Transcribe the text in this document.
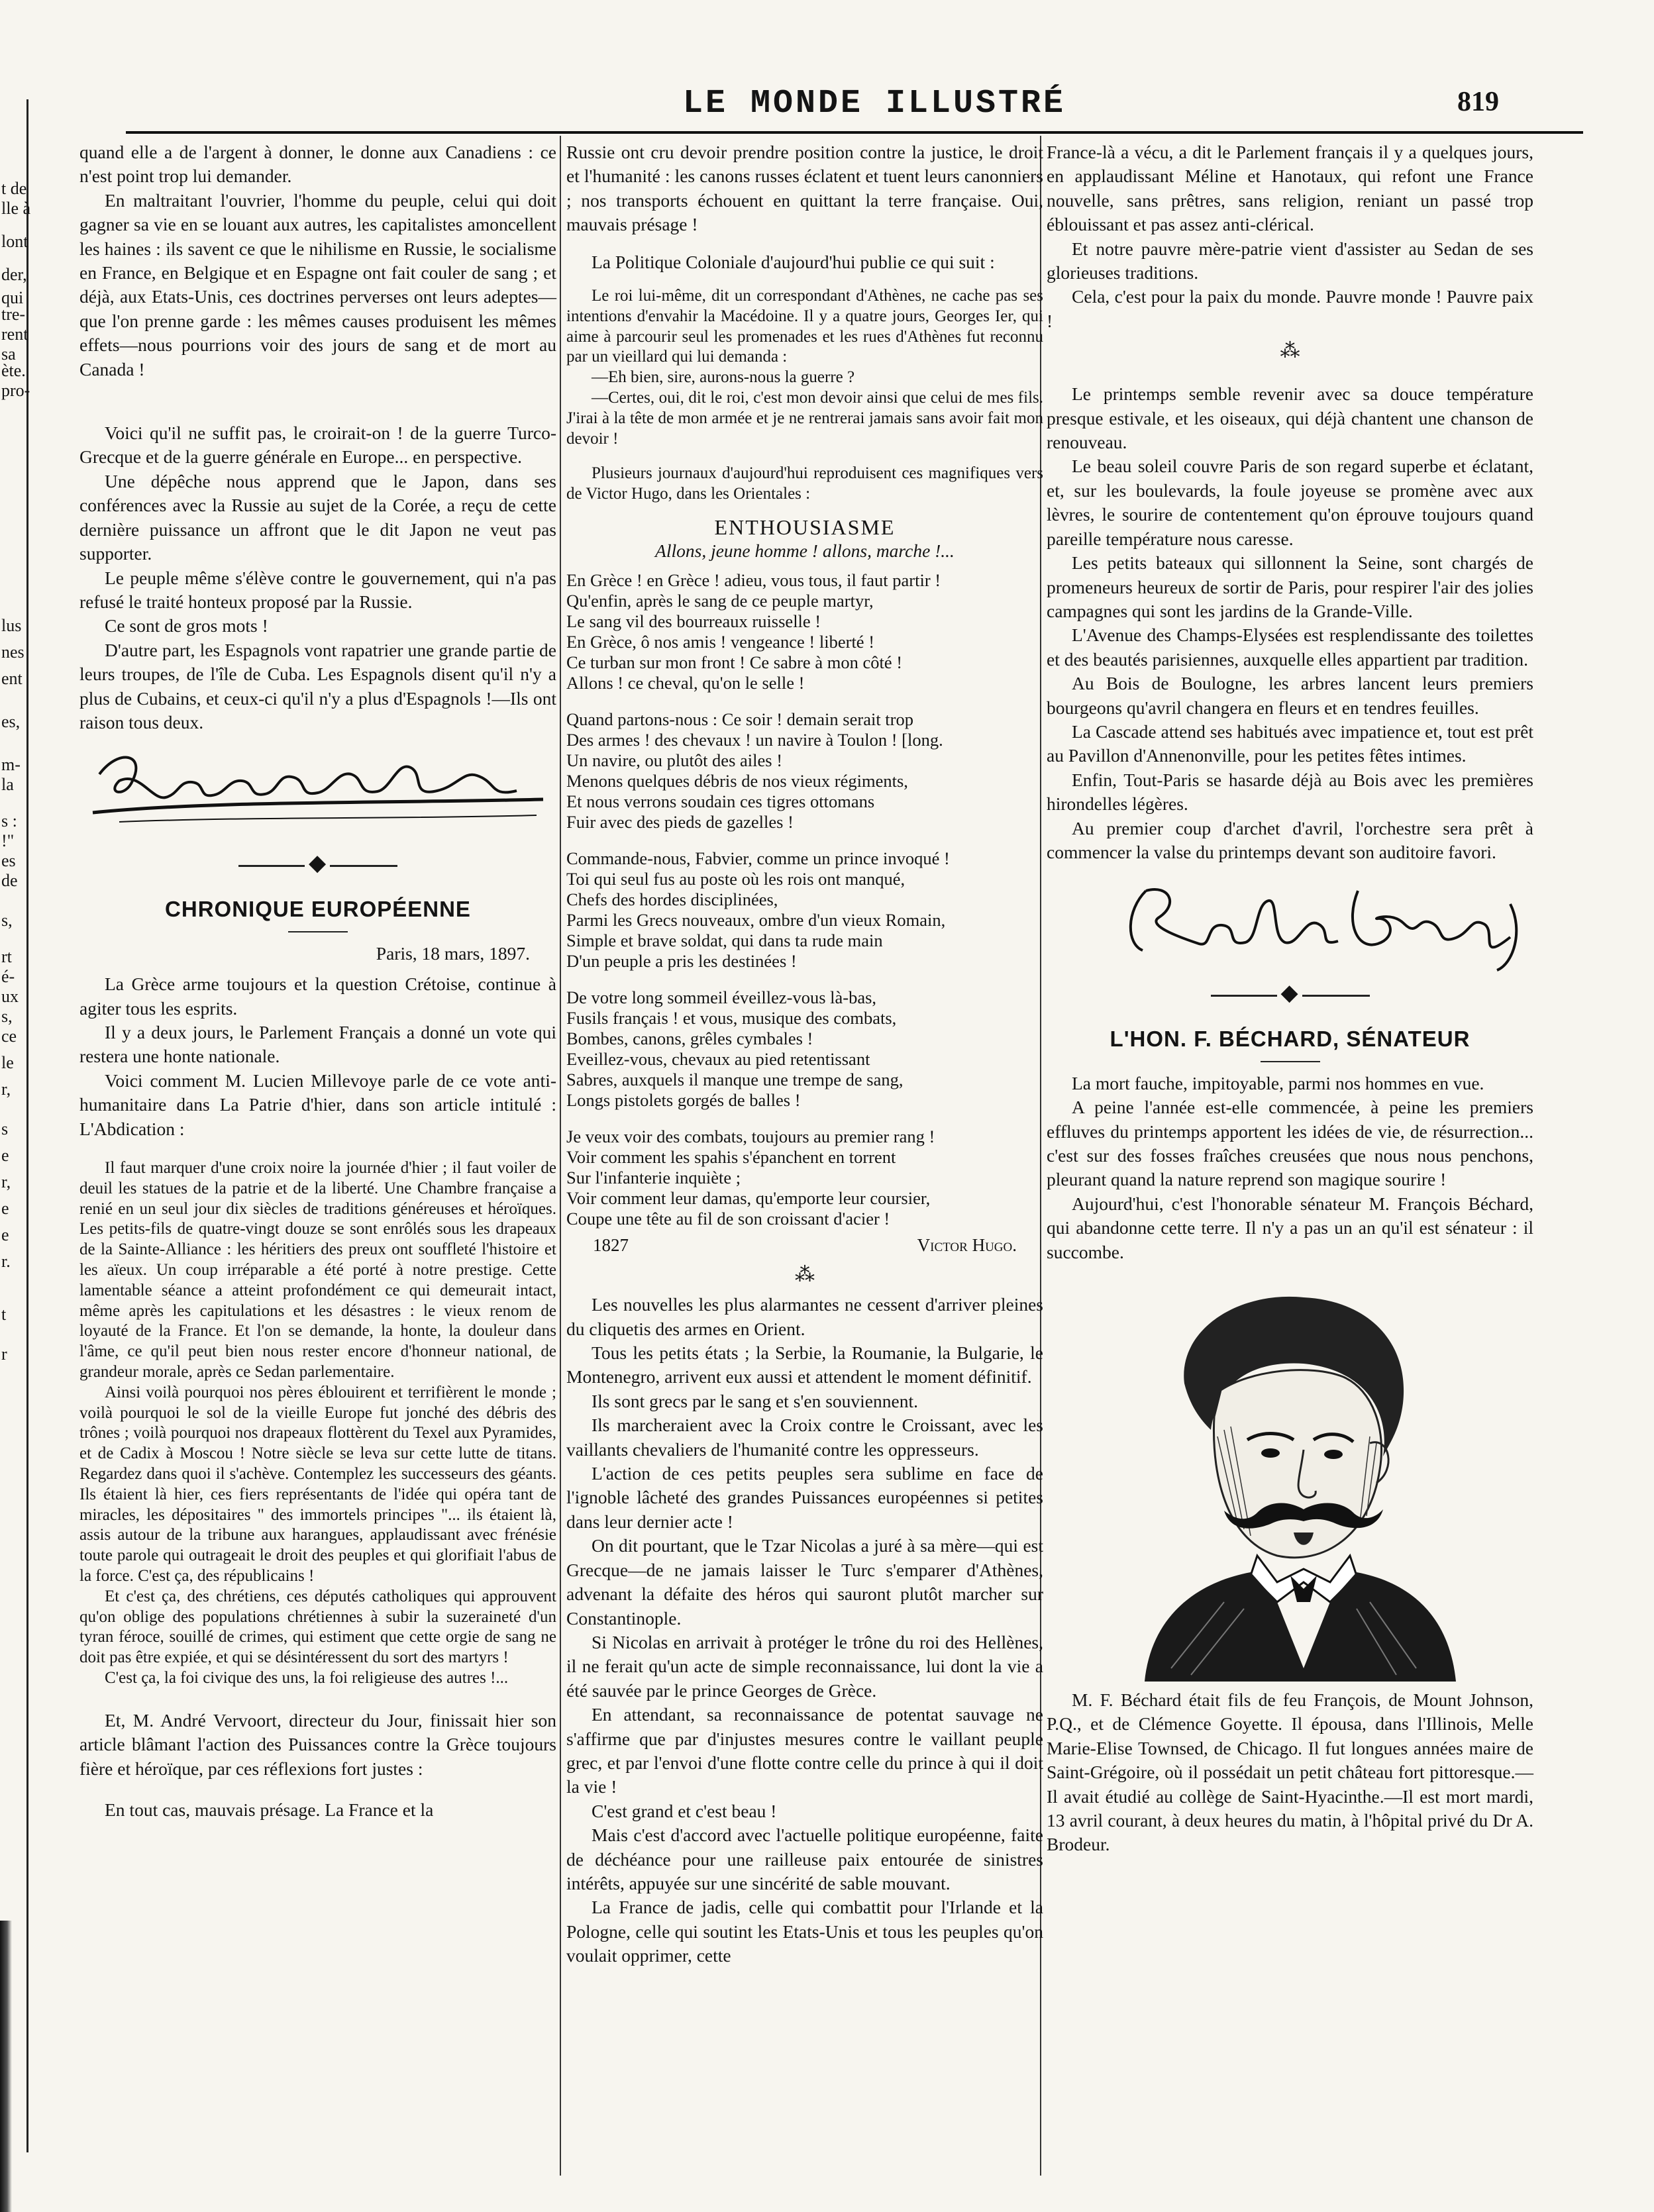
t de
lle à
lont
der,
qui
tre-
rent
sa
ète.
pro-
lus
nes
ent
es,
m-
la
s :
!"
es
de
s,
rt
é-
ux
s,
ce
le
r,
s
e
r,
e
e
r.
t
r
LE MONDE ILLUSTRÉ	819

quand elle a de l'argent à donner, le donne aux Canadiens : ce n'est point trop lui demander.

En maltraitant l'ouvrier, l'homme du peuple, celui qui doit gagner sa vie en se louant aux autres, les capitalistes amoncellent les haines : ils savent ce que le nihilisme en Russie, le socialisme en France, en Belgique et en Espagne ont fait couler de sang ; et déjà, aux Etats-Unis, ces doctrines perverses ont leurs adeptes—que l'on prenne garde : les mêmes causes produisent les mêmes effets—nous pourrions voir des jours de sang et de mort au Canada !

Voici qu'il ne suffit pas, le croirait-on ! de la guerre Turco-Grecque et de la guerre générale en Europe... en perspective.

Une dépêche nous apprend que le Japon, dans ses conférences avec la Russie au sujet de la Corée, a reçu de cette dernière puissance un affront que le dit Japon ne veut pas supporter.

Le peuple même s'élève contre le gouvernement, qui n'a pas refusé le traité honteux proposé par la Russie.

Ce sont de gros mots !

D'autre part, les Espagnols vont rapatrier une grande partie de leurs troupes, de l'île de Cuba. Les Espagnols disent qu'il n'y a plus de Cubains, et ceux-ci qu'il n'y a plus d'Espagnols !—Ils ont raison tous deux.

◆
CHRONIQUE EUROPÉENNE

Paris, 18 mars, 1897.

La Grèce arme toujours et la question Crétoise, continue à agiter tous les esprits.

Il y a deux jours, le Parlement Français a donné un vote qui restera une honte nationale.

Voici comment M. Lucien Millevoye parle de ce vote anti-humanitaire dans La Patrie d'hier, dans son article intitulé : L'Abdication :

Il faut marquer d'une croix noire la journée d'hier ; il faut voiler de deuil les statues de la patrie et de la liberté. Une Chambre française a renié en un seul jour dix siècles de traditions généreuses et héroïques. Les petits-fils de quatre-vingt douze se sont enrôlés sous les drapeaux de la Sainte-Alliance : les héritiers des preux ont souffleté l'histoire et les aïeux. Un coup irréparable a été porté à notre prestige. Cette lamentable séance a atteint profondément ce qui demeurait intact, même après les capitulations et les désastres : le vieux renom de loyauté de la France. Et l'on se demande, la honte, la douleur dans l'âme, ce qu'il peut bien nous rester encore d'honneur national, de grandeur morale, après ce Sedan parlementaire.

Ainsi voilà pourquoi nos pères éblouirent et terrifièrent le monde ; voilà pourquoi le sol de la vieille Europe fut jonché des débris des trônes ; voilà pourquoi nos drapeaux flottèrent du Texel aux Pyramides, et de Cadix à Moscou ! Notre siècle se leva sur cette lutte de titans. Regardez dans quoi il s'achève. Contemplez les successeurs des géants. Ils étaient là hier, ces fiers représentants de l'idée qui opéra tant de miracles, les dépositaires " des immortels principes "... ils étaient là, assis autour de la tribune aux harangues, applaudissant avec frénésie toute parole qui outrageait le droit des peuples et qui glorifiait l'abus de la force. C'est ça, des républicains !

Et c'est ça, des chrétiens, ces députés catholiques qui approuvent qu'on oblige des populations chrétiennes à subir la suzeraineté d'un tyran féroce, souillé de crimes, qui estiment que cette orgie de sang ne doit pas être expiée, et qui se désintéressent du sort des martyrs !

C'est ça, la foi civique des uns, la foi religieuse des autres !...

Et, M. André Vervoort, directeur du Jour, finissait hier son article blâmant l'action des Puissances contre la Grèce toujours fière et héroïque, par ces réflexions fort justes :

En tout cas, mauvais présage. La France et la

Russie ont cru devoir prendre position contre la justice, le droit et l'humanité : les canons russes éclatent et tuent leurs canonniers ; nos transports échouent en quittant la terre française. Oui, mauvais présage !

La Politique Coloniale d'aujourd'hui publie ce qui suit :

Le roi lui-même, dit un correspondant d'Athènes, ne cache pas ses intentions d'envahir la Macédoine. Il y a quatre jours, Georges Ier, qui aime à parcourir seul les promenades et les rues d'Athènes fut reconnu par un vieillard qui lui demanda :

—Eh bien, sire, aurons-nous la guerre ?

—Certes, oui, dit le roi, c'est mon devoir ainsi que celui de mes fils. J'irai à la tête de mon armée et je ne rentrerai jamais sans avoir fait mon devoir !

Plusieurs journaux d'aujourd'hui reproduisent ces magnifiques vers de Victor Hugo, dans les Orientales :

ENTHOUSIASME

Allons, jeune homme ! allons, marche !...

En Grèce ! en Grèce ! adieu, vous tous, il faut partir !
Qu'enfin, après le sang de ce peuple martyr,
Le sang vil des bourreaux ruisselle !
En Grèce, ô nos amis ! vengeance ! liberté !
Ce turban sur mon front ! Ce sabre à mon côté !
Allons ! ce cheval, qu'on le selle !
Quand partons-nous : Ce soir ! demain serait trop
Des armes ! des chevaux ! un navire à Toulon ! [long.
Un navire, ou plutôt des ailes !
Menons quelques débris de nos vieux régiments,
Et nous verrons soudain ces tigres ottomans
Fuir avec des pieds de gazelles !
Commande-nous, Fabvier, comme un prince invoqué !
Toi qui seul fus au poste où les rois ont manqué,
Chefs des hordes disciplinées,
Parmi les Grecs nouveaux, ombre d'un vieux Romain,
Simple et brave soldat, qui dans ta rude main
D'un peuple a pris les destinées !
De votre long sommeil éveillez-vous là-bas,
Fusils français ! et vous, musique des combats,
Bombes, canons, grêles cymbales !
Eveillez-vous, chevaux au pied retentissant
Sabres, auxquels il manque une trempe de sang,
Longs pistolets gorgés de balles !
Je veux voir des combats, toujours au premier rang !
Voir comment les spahis s'épanchent en torrent
Sur l'infanterie inquiète ;
Voir comment leur damas, qu'emporte leur coursier,
Coupe une tête au fil de son croissant d'acier !
1827	Victor Hugo.
⁂

Les nouvelles les plus alarmantes ne cessent d'arriver pleines du cliquetis des armes en Orient.

Tous les petits états ; la Serbie, la Roumanie, la Bulgarie, le Montenegro, arrivent eux aussi et attendent le moment définitif.

Ils sont grecs par le sang et s'en souviennent.

Ils marcheraient avec la Croix contre le Croissant, avec les vaillants chevaliers de l'humanité contre les oppresseurs.

L'action de ces petits peuples sera sublime en face de l'ignoble lâcheté des grandes Puissances européennes si petites dans leur dernier acte !

On dit pourtant, que le Tzar Nicolas a juré à sa mère—qui est Grecque—de ne jamais laisser le Turc s'emparer d'Athènes, advenant la défaite des héros qui sauront plutôt marcher sur Constantinople.

Si Nicolas en arrivait à protéger le trône du roi des Hellènes, il ne ferait qu'un acte de simple reconnaissance, lui dont la vie a été sauvée par le prince Georges de Grèce.

En attendant, sa reconnaissance de potentat sauvage ne s'affirme que par d'injustes mesures contre le vaillant peuple grec, et par l'envoi d'une flotte contre celle du prince à qui il doit la vie !

C'est grand et c'est beau !

Mais c'est d'accord avec l'actuelle politique européenne, faite de déchéance pour une railleuse paix entourée de sinistres intérêts, appuyée sur une sincérité de sable mouvant.

La France de jadis, celle qui combattit pour l'Irlande et la Pologne, celle qui soutint les Etats-Unis et tous les peuples qu'on voulait opprimer, cette

France-là a vécu, a dit le Parlement français il y a quelques jours, en applaudissant Méline et Hanotaux, qui refont une France nouvelle, sans prêtres, sans religion, reniant un passé trop éblouissant et pas assez anti-clérical.

Et notre pauvre mère-patrie vient d'assister au Sedan de ses glorieuses traditions.

Cela, c'est pour la paix du monde. Pauvre monde ! Pauvre paix !

⁂

Le printemps semble revenir avec sa douce température presque estivale, et les oiseaux, qui déjà chantent une chanson de renouveau.

Le beau soleil couvre Paris de son regard superbe et éclatant, et, sur les boulevards, la foule joyeuse se promène avec aux lèvres, le sourire de contentement qu'on éprouve toujours quand pareille température nous caresse.

Les petits bateaux qui sillonnent la Seine, sont chargés de promeneurs heureux de sortir de Paris, pour respirer l'air des jolies campagnes qui sont les jardins de la Grande-Ville.

L'Avenue des Champs-Elysées est resplendissante des toilettes et des beautés parisiennes, auxquelle elles appartient par tradition.

Au Bois de Boulogne, les arbres lancent leurs premiers bourgeons qu'avril changera en fleurs et en tendres feuilles.

La Cascade attend ses habitués avec impatience et, tout est prêt au Pavillon d'Annenonville, pour les petites fêtes intimes.

Enfin, Tout-Paris se hasarde déjà au Bois avec les premières hirondelles légères.

Au premier coup d'archet d'avril, l'orchestre sera prêt à commencer la valse du printemps devant son auditoire favori.

◆
L'HON. F. BÉCHARD, SÉNATEUR

La mort fauche, impitoyable, parmi nos hommes en vue.

A peine l'année est-elle commencée, à peine les premiers effluves du printemps apportent les idées de vie, de résurrection... c'est sur des fosses fraîches creusées que nous nous penchons, pleurant quand la nature reprend son magique sourire !

Aujourd'hui, c'est l'honorable sénateur M. François Béchard, qui abandonne cette terre. Il n'y a pas un an qu'il est sénateur : il succombe.

M. F. Béchard était fils de feu François, de Mount Johnson, P.Q., et de Clémence Goyette. Il épousa, dans l'Illinois, Melle Marie-Elise Townsed, de Chicago. Il fut longues années maire de Saint-Grégoire, où il possédait un petit château fort pittoresque.—Il avait étudié au collège de Saint-Hyacinthe.—Il est mort mardi, 13 avril courant, à deux heures du matin, à l'hôpital privé du Dr A. Brodeur.
